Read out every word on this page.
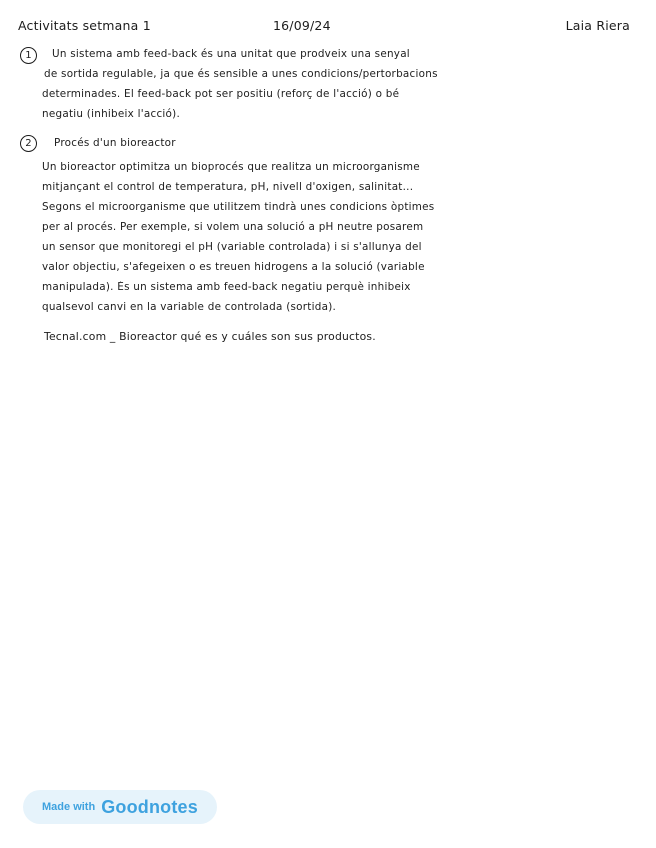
Activitats setmana 1	16/09/24	Laia Riera
1	Un sistema amb feed-back és una unitat que prodveix una senyal
de sortida regulable, ja que és sensible a unes condicions/pertorbacions
determinades. El feed-back pot ser positiu (reforç de l'acció) o bé
negatiu (inhibeix l'acció).
2	Procés d'un bioreactor
Un bioreactor optimitza un bioprocés que realitza un microorganisme
mitjançant el control de temperatura, pH, nivell d'oxigen, salinitat...
Segons el microorganisme que utilitzem tindrà unes condicions òptimes
per al procés. Per exemple, si volem una solució a pH neutre posarem
un sensor que monitoregi el pH (variable controlada) i si s'allunya del
valor objectiu, s'afegeixen o es treuen hidrogens a la solució (variable
manipulada). És un sistema amb feed-back negatiu perquè inhibeix
qualsevol canvi en la variable de controlada (sortida).
Tecnal.com _ Bioreactor qué es y cuáles son sus productos.
Made with Goodnotes
